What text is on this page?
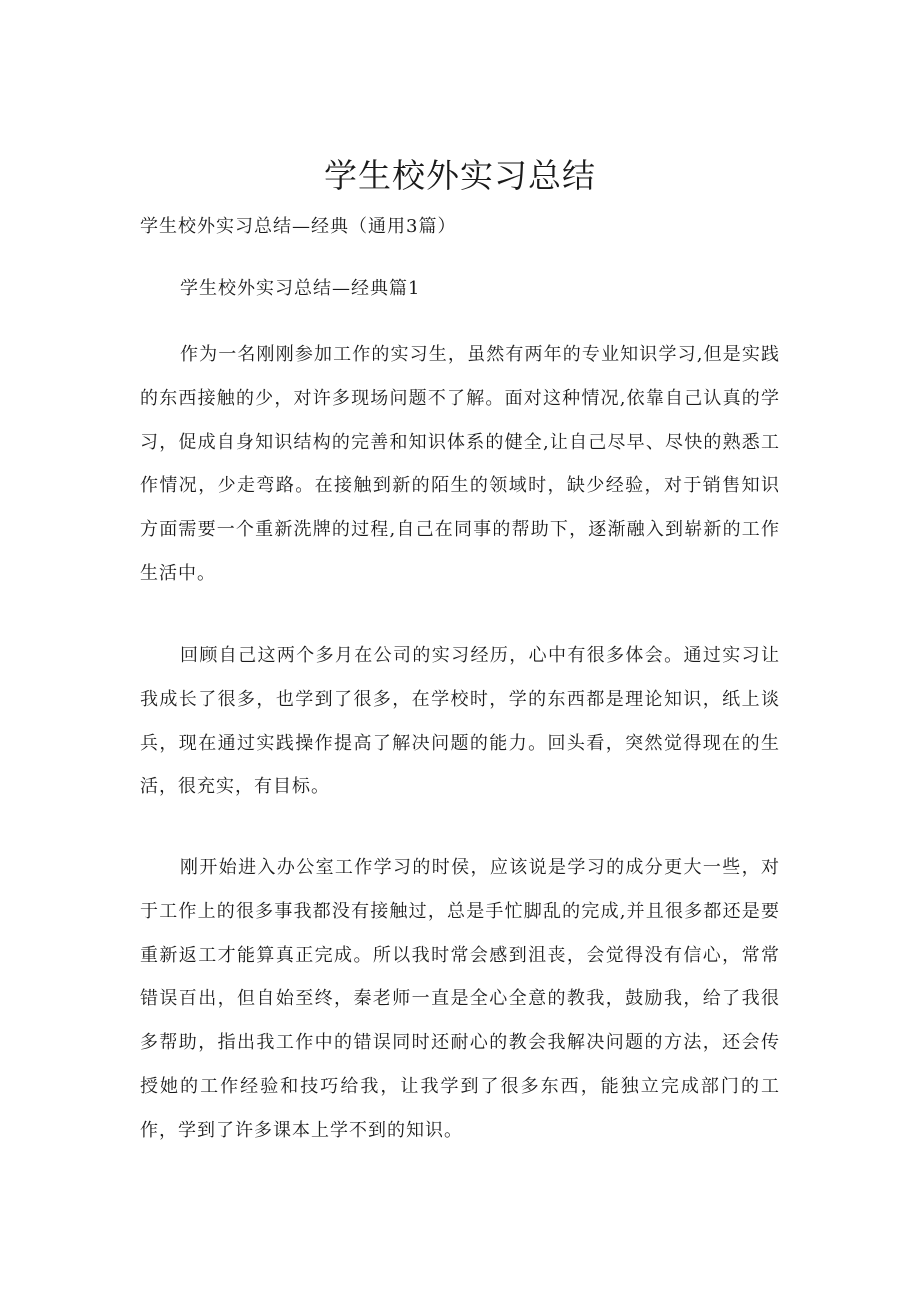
学生校外实习总结

学生校外实习总结—经典（通用3篇）

学生校外实习总结—经典篇1

作为一名刚刚参加工作的实习生，虽然有两年的专业知识学习,但是实践的东西接触的少，对许多现场问题不了解。面对这种情况,依靠自己认真的学习，促成自身知识结构的完善和知识体系的健全,让自己尽早、尽快的熟悉工作情况，少走弯路。在接触到新的陌生的领域时，缺少经验，对于销售知识方面需要一个重新洗牌的过程,自己在同事的帮助下，逐渐融入到崭新的工作生活中。

回顾自己这两个多月在公司的实习经历，心中有很多体会。通过实习让我成长了很多，也学到了很多，在学校时，学的东西都是理论知识，纸上谈兵，现在通过实践操作提高了解决问题的能力。回头看，突然觉得现在的生活，很充实，有目标。

刚开始进入办公室工作学习的时侯，应该说是学习的成分更大一些，对于工作上的很多事我都没有接触过，总是手忙脚乱的完成,并且很多都还是要重新返工才能算真正完成。所以我时常会感到沮丧，会觉得没有信心，常常错误百出，但自始至终，秦老师一直是全心全意的教我，鼓励我，给了我很多帮助，指出我工作中的错误同时还耐心的教会我解决问题的方法，还会传授她的工作经验和技巧给我，让我学到了很多东西，能独立完成部门的工作，学到了许多课本上学不到的知识。
